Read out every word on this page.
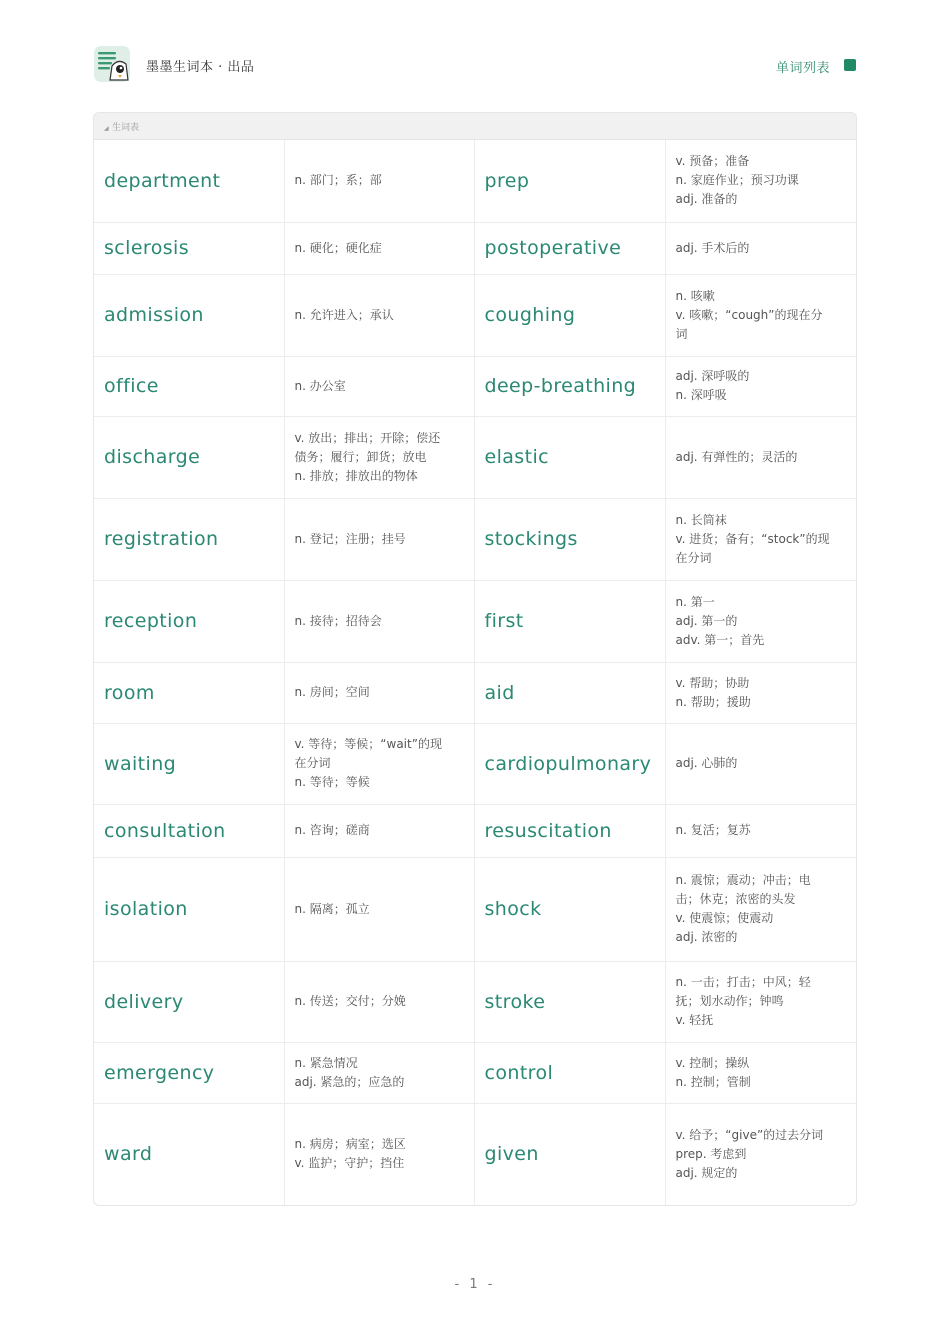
墨墨生词本 · 出品	单词列表
◢ 生词表
department	n. 部门；系；部	prep	v. 预备；准备
n. 家庭作业；预习功课
adj. 准备的

sclerosis	n. 硬化；硬化症	postoperative	adj. 手术后的

admission	n. 允许进入；承认	coughing	n. 咳嗽
v. 咳嗽；“cough”的现在分词

office	n. 办公室	deep-breathing	adj. 深呼吸的
n. 深呼吸

discharge	v. 放出；排出；开除；偿还债务；履行；卸货；放电
n. 排放；排放出的物体	elastic	adj. 有弹性的；灵活的

registration	n. 登记；注册；挂号	stockings	n. 长筒袜
v. 进货；备有；“stock”的现在分词

reception	n. 接待；招待会	first	n. 第一
adj. 第一的
adv. 第一；首先

room	n. 房间；空间	aid	v. 帮助；协助
n. 帮助；援助

waiting	v. 等待；等候；“wait”的现在分词
n. 等待；等候	cardiopulmonary	adj. 心肺的

consultation	n. 咨询；磋商	resuscitation	n. 复活；复苏

isolation	n. 隔离；孤立	shock	n. 震惊；震动；冲击；电击；休克；浓密的头发
v. 使震惊；使震动
adj. 浓密的

delivery	n. 传送；交付；分娩	stroke	n. 一击；打击；中风；轻抚；划水动作；钟鸣
v. 轻抚

emergency	n. 紧急情况
adj. 紧急的；应急的	control	v. 控制；操纵
n. 控制；管制

ward	n. 病房；病室；选区
v. 监护；守护；挡住	given	v. 给予；“give”的过去分词
prep. 考虑到
adj. 规定的
- 1 -
